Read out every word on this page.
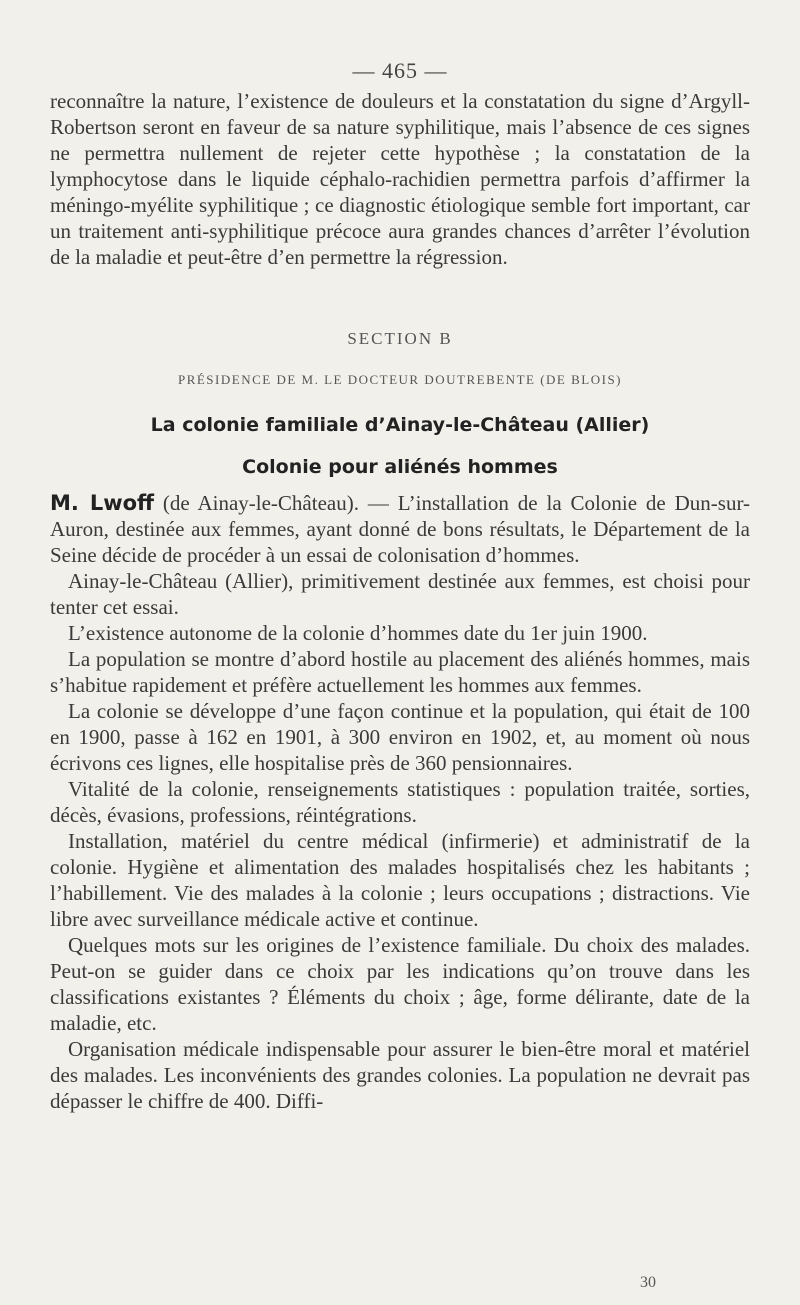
— 465 —

reconnaître la nature, l’existence de douleurs et la constatation du signe d’Argyll-Robertson seront en faveur de sa nature syphilitique, mais l’absence de ces signes ne permettra nullement de rejeter cette hypothèse ; la constatation de la lymphocytose dans le liquide céphalo-rachidien permettra parfois d’affirmer la méningo-myélite syphilitique ; ce diagnostic étiologique semble fort important, car un traitement anti-syphilitique précoce aura grandes chances d’arrêter l’évolution de la maladie et peut-être d’en permettre la régression.

SECTION B
PRÉSIDENCE DE M. LE DOCTEUR DOUTREBENTE (DE BLOIS)
La colonie familiale d’Ainay-le-Château (Allier)
Colonie pour aliénés hommes

M. Lwoff (de Ainay-le-Château). — L’installation de la Colonie de Dun-sur-Auron, destinée aux femmes, ayant donné de bons résultats, le Département de la Seine décide de procéder à un essai de colonisation d’hommes.

Ainay-le-Château (Allier), primitivement destinée aux femmes, est choisi pour tenter cet essai.

L’existence autonome de la colonie d’hommes date du 1er juin 1900.

La population se montre d’abord hostile au placement des aliénés hommes, mais s’habitue rapidement et préfère actuellement les hommes aux femmes.

La colonie se développe d’une façon continue et la population, qui était de 100 en 1900, passe à 162 en 1901, à 300 environ en 1902, et, au moment où nous écrivons ces lignes, elle hospitalise près de 360 pensionnaires.

Vitalité de la colonie, renseignements statistiques : population traitée, sorties, décès, évasions, professions, réintégrations.

Installation, matériel du centre médical (infirmerie) et administratif de la colonie. Hygiène et alimentation des malades hospitalisés chez les habitants ; l’habillement. Vie des malades à la colonie ; leurs occupations ; distractions. Vie libre avec surveillance médicale active et continue.

Quelques mots sur les origines de l’existence familiale. Du choix des malades. Peut-on se guider dans ce choix par les indications qu’on trouve dans les classifications existantes ? Éléments du choix ; âge, forme délirante, date de la maladie, etc.

Organisation médicale indispensable pour assurer le bien-être moral et matériel des malades. Les inconvénients des grandes colonies. La population ne devrait pas dépasser le chiffre de 400. Diffi-

30
